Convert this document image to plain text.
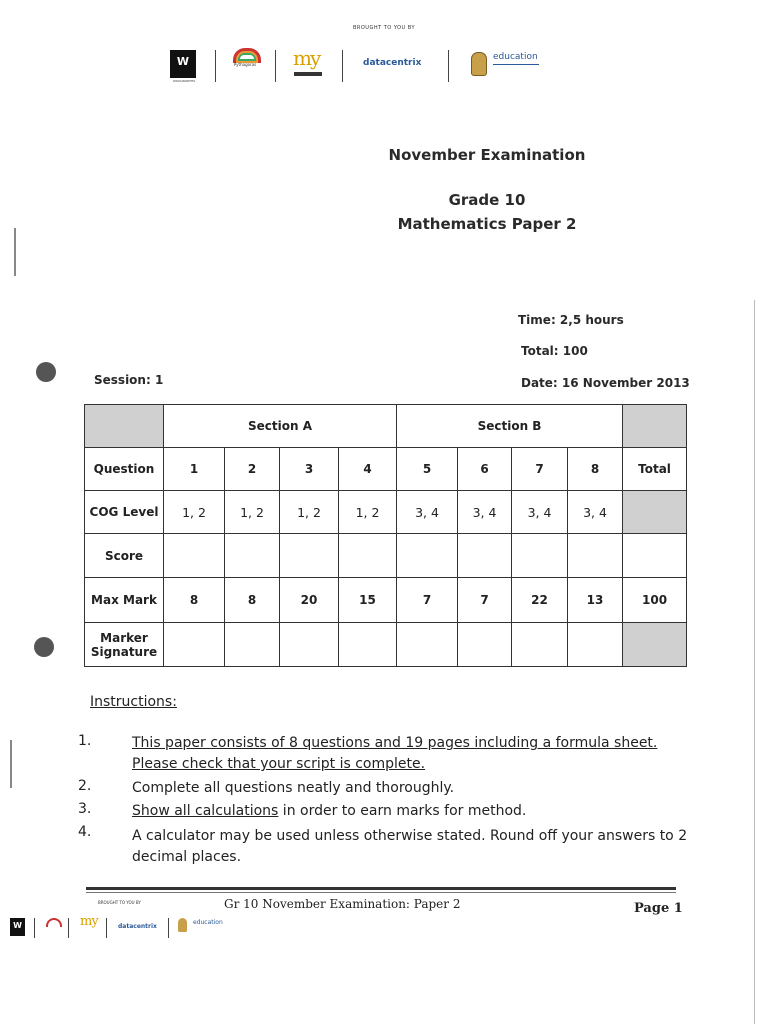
BROUGHT TO YOU BY
W
WOOLWORTHS
Pythagoras my	datacentrix
education
November Examination
Grade 10
Mathematics Paper 2
Time: 2,5 hours
Total: 100
Session: 1	Date: 16 November 2013
	Section A				Section B				
Question	1	2	3	4	5	6	7	8	Total
COG Level	1, 2	1, 2	1, 2	1, 2	3, 4	3, 4	3, 4	3, 4	
Score									
Max Mark	8	8	20	15	7	7	22	13	100
Marker Signature									
Instructions:
1.	This paper consists of 8 questions and 19 pages including a formula sheet. Please check that your script is complete.
2.	Complete all questions neatly and thoroughly.
3.	Show all calculations in order to earn marks for method.
4.	A calculator may be used unless otherwise stated. Round off your answers to 2 decimal places.
BROUGHT TO YOU BY	Gr 10 November Examination: Paper 2	Page 1
W	my	datacentrix
education
